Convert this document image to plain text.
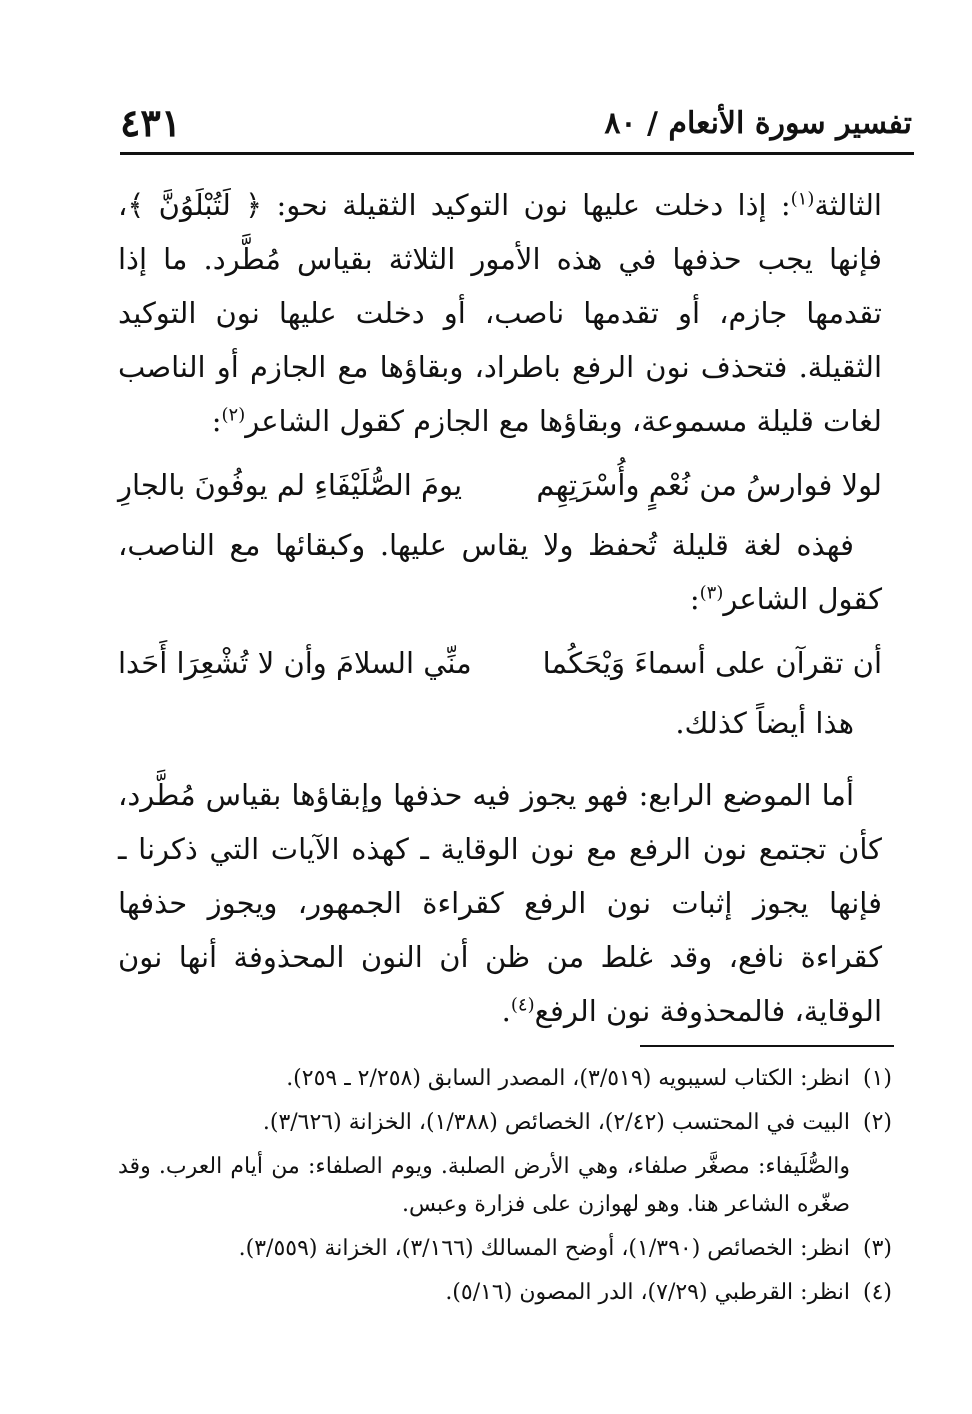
تفسير سورة الأنعام / ٨٠
٤٣١

الثالثة$^{(١)}$: إذا دخلت عليها نون التوكيد الثقيلة نحو: ﴿ لَتُبْلَوُنَّ ﴾، فإنها يجب حذفها في هذه الأمور الثلاثة بقياس مُطَّرد. ما إذا تقدمها جازم، أو تقدمها ناصب، أو دخلت عليها نون التوكيد الثقيلة. فتحذف نون الرفع باطراد، وبقاؤها مع الجازم أو الناصب لغات قليلة مسموعة، وبقاؤها مع الجازم كقول الشاعر$^{(٢)}$:

لولا فوارسُ من نُعْمٍ وأُسْرَتِهِم
يومَ الصُّلَيْفَاءِ لم يوفُونَ بالجارِ

فهذه لغة قليلة تُحفظ ولا يقاس عليها. وكبقائها مع الناصب، كقول الشاعر$^{(٣)}$:

أن تقرآن على أسماءَ وَيْحَكُما
منِّي السلامَ وأن لا تُشْعِرَا أَحَدا

هذا أيضاً كذلك.

أما الموضع الرابع: فهو يجوز فيه حذفها وإبقاؤها بقياس مُطَّرد، كأن تجتمع نون الرفع مع نون الوقاية ـ كهذه الآيات التي ذكرنا ـ فإنها يجوز إثبات نون الرفع كقراءة الجمهور، ويجوز حذفها كقراءة نافع، وقد غلط من ظن أن النون المحذوفة أنها نون الوقاية، فالمحذوفة نون الرفع$^{(٤)}$.

(١)
انظر: الكتاب لسيبويه (٣/٥١٩)، المصدر السابق (٢/٢٥٨ ـ ٢٥٩).
(٢)
البيت في المحتسب (٢/٤٢)، الخصائص (١/٣٨٨)، الخزانة (٣/٦٢٦).
والصُّلَيفاء: مصغَّر صلفاء، وهي الأرض الصلبة. ويوم الصلفاء: من أيام العرب. وقد صغّره الشاعر هنا. وهو لهوازن على فزارة وعبس.
(٣)
انظر: الخصائص (١/٣٩٠)، أوضح المسالك (٣/١٦٦)، الخزانة (٣/٥٥٩).
(٤)
انظر: القرطبي (٧/٢٩)، الدر المصون (٥/١٦).
